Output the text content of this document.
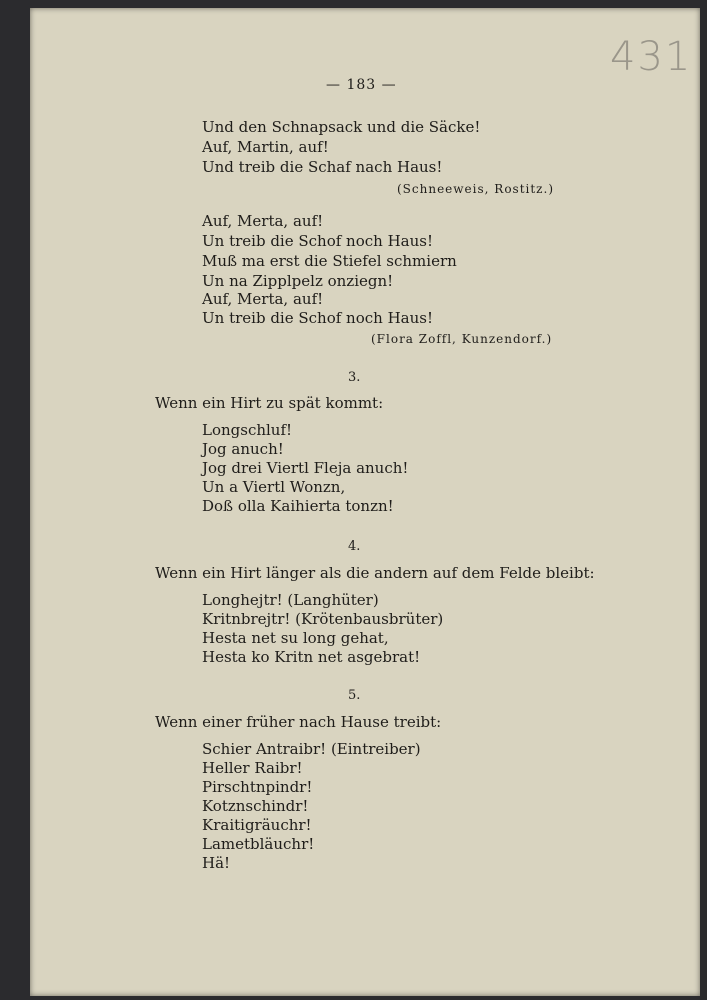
— 183 —
431
Und den Schnapsack und die Säcke!
Auf, Martin, auf!
Und treib die Schaf nach Haus!
(Schneeweis, Rostitz.)
Auf, Merta, auf!
Un treib die Schof noch Haus!
Muß ma erst die Stiefel schmiern
Un na Zipplpelz onziegn!
Auf, Merta, auf!
Un treib die Schof noch Haus!
(Flora Zoffl, Kunzendorf.)
3.
Wenn ein Hirt zu spät kommt:
Longschluf!
Jog anuch!
Jog drei Viertl Fleja anuch!
Un a Viertl Wonzn,
Doß olla Kaihierta tonzn!
4.
Wenn ein Hirt länger als die andern auf dem Felde bleibt:
Longhejtr! (Langhüter)
Kritnbrejtr! (Krötenbausbrüter)
Hesta net su long gehat,
Hesta ko Kritn net asgebrat!
5.
Wenn einer früher nach Hause treibt:
Schier Antraibr! (Eintreiber)
Heller Raibr!
Pirschtnpindr!
Kotznschindr!
Kraitigräuchr!
Lametbläuchr!
Hä!
